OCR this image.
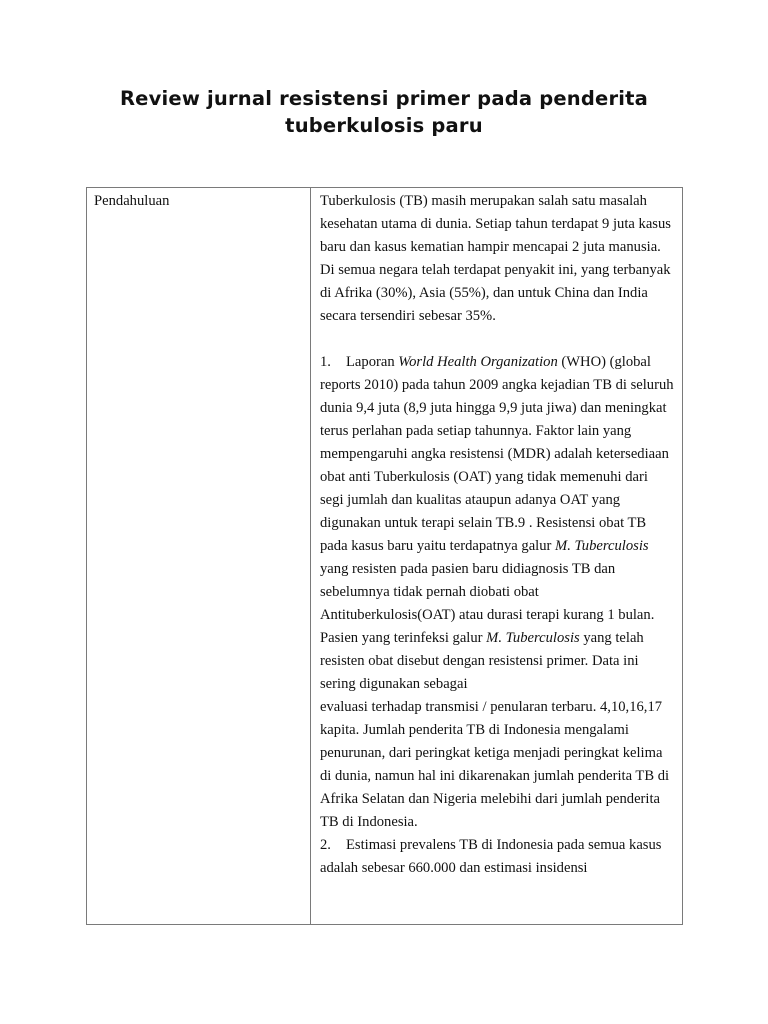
Review jurnal resistensi primer pada penderita tuberkulosis paru
Pendahuluan	Tuberkulosis (TB) masih merupakan salah satu masalah kesehatan utama di dunia. Setiap tahun terdapat 9 juta kasus baru dan kasus kematian hampir mencapai 2 juta manusia. Di semua negara telah terdapat penyakit ini, yang terbanyak di Afrika (30%), Asia (55%), dan untuk China dan India secara tersendiri sebesar 35%.

1. Laporan World Health Organization (WHO) (global reports 2010) pada tahun 2009 angka kejadian TB di seluruh dunia 9,4 juta (8,9 juta hingga 9,9 juta jiwa) dan meningkat terus perlahan pada setiap tahunnya. Faktor lain yang mempengaruhi angka resistensi (MDR) adalah ketersediaan obat anti Tuberkulosis (OAT) yang tidak memenuhi dari segi jumlah dan kualitas ataupun adanya OAT yang digunakan untuk terapi selain TB.9 . Resistensi obat TB pada kasus baru yaitu terdapatnya galur M. Tuberculosis yang resisten pada pasien baru didiagnosis TB dan sebelumnya tidak pernah diobati obat Antituberkulosis(OAT) atau durasi terapi kurang 1 bulan. Pasien yang terinfeksi galur M. Tuberculosis yang telah resisten obat disebut dengan resistensi primer. Data ini sering digunakan sebagai

evaluasi terhadap transmisi / penularan terbaru. 4,10,16,17 kapita. Jumlah penderita TB di Indonesia mengalami penurunan, dari peringkat ketiga menjadi peringkat kelima di dunia, namun hal ini dikarenakan jumlah penderita TB di Afrika Selatan dan Nigeria melebihi dari jumlah penderita TB di Indonesia.

2. Estimasi prevalens TB di Indonesia pada semua kasus adalah sebesar 660.000 dan estimasi insidensi
